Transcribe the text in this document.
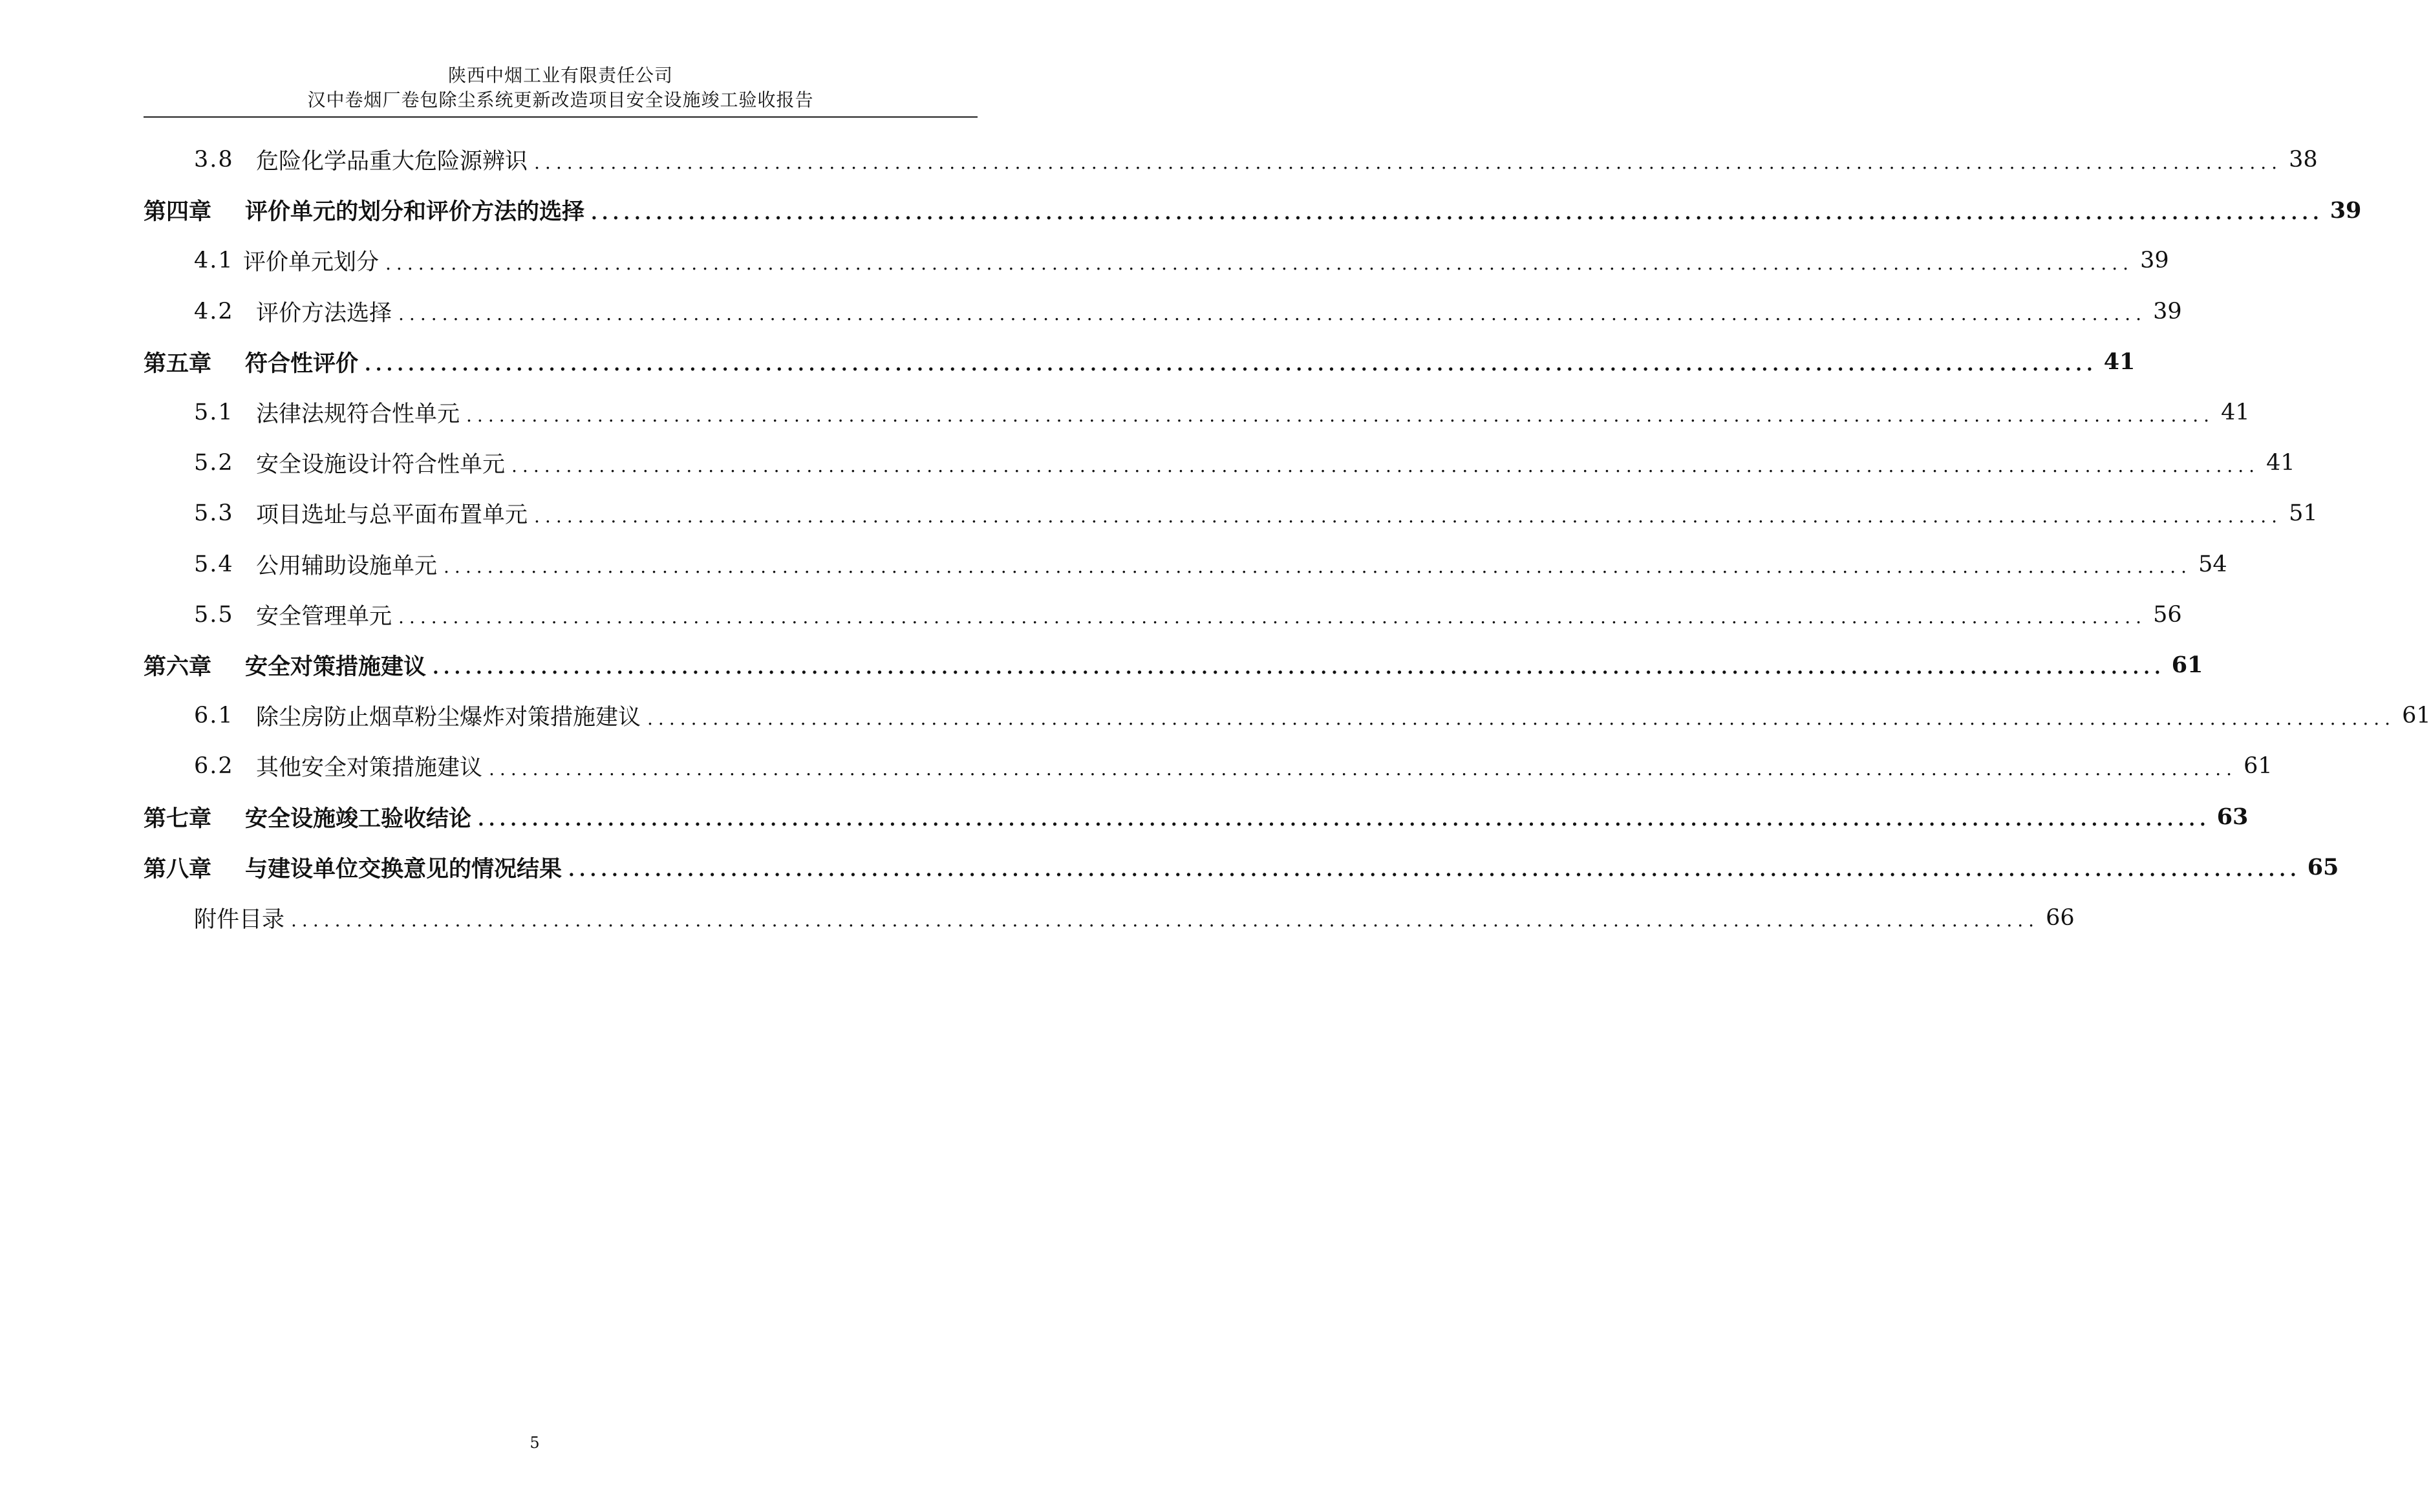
陕西中烟工业有限责任公司
汉中卷烟厂卷包除尘系统更新改造项目安全设施竣工验收报告
3.8 危险化学品重大危险源辨识 ................................................................................................................................................................ 38
第四章	评价单元的划分和评价方法的选择 ................................................................................................................................................................ 39
4.1 评价单元划分 ................................................................................................................................................................ 39
4.2 评价方法选择 ................................................................................................................................................................ 39
第五章	符合性评价 ................................................................................................................................................................ 41
5.1 法律法规符合性单元 ................................................................................................................................................................ 41
5.2 安全设施设计符合性单元 ................................................................................................................................................................ 41
5.3 项目选址与总平面布置单元 ................................................................................................................................................................ 51
5.4 公用辅助设施单元 ................................................................................................................................................................ 54
5.5 安全管理单元 ................................................................................................................................................................ 56
第六章	安全对策措施建议 ................................................................................................................................................................ 61
6.1 除尘房防止烟草粉尘爆炸对策措施建议 ................................................................................................................................................................ 61
6.2 其他安全对策措施建议 ................................................................................................................................................................ 61
第七章	安全设施竣工验收结论 ................................................................................................................................................................ 63
第八章	与建设单位交换意见的情况结果 ................................................................................................................................................................ 65
附件目录 ................................................................................................................................................................ 66
5
